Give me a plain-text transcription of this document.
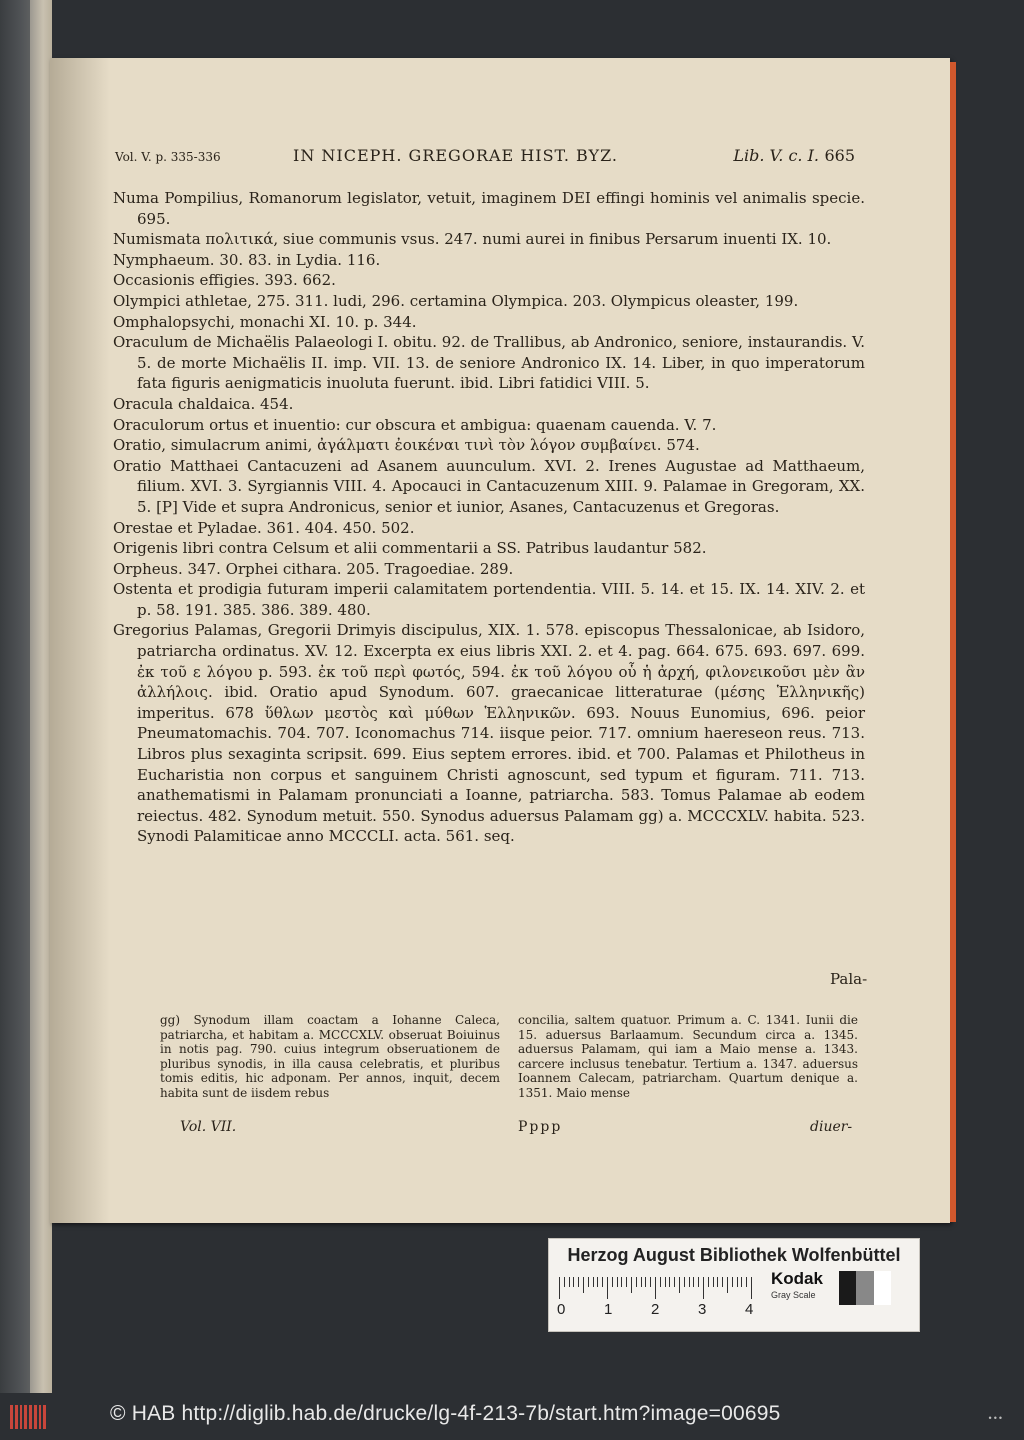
Vol. V. p. 335-336	IN NICEPH. GREGORAE HIST. BYZ.	Lib. V. c. I. 665
Numa Pompilius, Romanorum legislator, vetuit, imaginem DEI effingi hominis vel animalis specie. 695.
Numismata πολιτικά, siue communis vsus. 247. numi aurei in finibus Persarum inuenti IX. 10.
Nymphaeum. 30. 83. in Lydia. 116.
Occasionis effigies. 393. 662.
Olympici athletae, 275. 311. ludi, 296. certamina Olympica. 203. Olympicus oleaster, 199.
Omphalopsychi, monachi XI. 10. p. 344.
Oraculum de Michaëlis Palaeologi I. obitu. 92. de Trallibus, ab Andronico, seniore, instaurandis. V. 5. de morte Michaëlis II. imp. VII. 13. de seniore Andronico IX. 14. Liber, in quo imperatorum fata figuris aenigmaticis inuoluta fuerunt. ibid. Libri fatidici VIII. 5.
Oracula chaldaica. 454.
Oraculorum ortus et inuentio: cur obscura et ambigua: quaenam cauenda. V. 7.
Oratio, simulacrum animi, ἀγάλματι ἐοικέναι τινὶ τὸν λόγον συμβαίνει. 574.
Oratio Matthaei Cantacuzeni ad Asanem auunculum. XVI. 2. Irenes Augustae ad Matthaeum, filium. XVI. 3. Syrgiannis VIII. 4. Apocauci in Cantacuzenum XIII. 9. Palamae in Gregoram, XX. 5. [P] Vide et supra Andronicus, senior et iunior, Asanes, Cantacuzenus et Gregoras.
Orestae et Pyladae. 361. 404. 450. 502.
Origenis libri contra Celsum et alii commentarii a SS. Patribus laudantur 582.
Orpheus. 347. Orphei cithara. 205. Tragoediae. 289.
Ostenta et prodigia futuram imperii calamitatem portendentia. VIII. 5. 14. et 15. IX. 14. XIV. 2. et p. 58. 191. 385. 386. 389. 480.
Gregorius Palamas, Gregorii Drimyis discipulus, XIX. 1. 578. episcopus Thessalonicae, ab Isidoro, patriarcha ordinatus. XV. 12. Excerpta ex eius libris XXI. 2. et 4. pag. 664. 675. 693. 697. 699. ἐκ τοῦ ε λόγου p. 593. ἐκ τοῦ περὶ φωτός, 594. ἐκ τοῦ λόγου οὗ ἡ ἀρχή, φιλονεικοῦσι μὲν ἂν ἀλλήλοις. ibid. Oratio apud Synodum. 607. graecanicae litteraturae (μέσης Ἑλληνικῆς) imperitus. 678 ὕθλων μεστὸς καὶ μύθων Ἑλληνικῶν. 693. Nouus Eunomius, 696. peior Pneumatomachis. 704. 707. Iconomachus 714. iisque peior. 717. omnium haereseon reus. 713. Libros plus sexaginta scripsit. 699. Eius septem errores. ibid. et 700. Palamas et Philotheus in Eucharistia non corpus et sanguinem Christi agnoscunt, sed typum et figuram. 711. 713. anathematismi in Palamam pronunciati a Ioanne, patriarcha. 583. Tomus Palamae ab eodem reiectus. 482. Synodum metuit. 550. Synodus aduersus Palamam gg) a. MCCCXLV. habita. 523. Synodi Palamiticae anno MCCCLI. acta. 561. seq.
Pala-
gg) Synodum illam coactam a Iohanne Caleca, patriarcha, et habitam a. MCCCXLV. obseruat Boiuinus in notis pag. 790. cuius integrum obseruationem de pluribus synodis, in illa causa celebratis, et pluribus tomis editis, hic adponam. Per annos, inquit, decem habita sunt de iisdem rebus
concilia, saltem quatuor. Primum a. C. 1341. Iunii die 15. aduersus Barlaamum. Secundum circa a. 1345. aduersus Palamam, qui iam a Maio mense a. 1343. carcere inclusus tenebatur. Tertium a. 1347. aduersus Ioannem Calecam, patriarcham. Quartum denique a. 1351. Maio mense
Vol. VII.	Pppp	diuer-
Herzog August Bibliothek Wolfenbüttel
0	1	2	3	4
Kodak
Gray Scale
© HAB http://diglib.hab.de/drucke/lg-4f-213-7b/start.htm?image=00695	•••
